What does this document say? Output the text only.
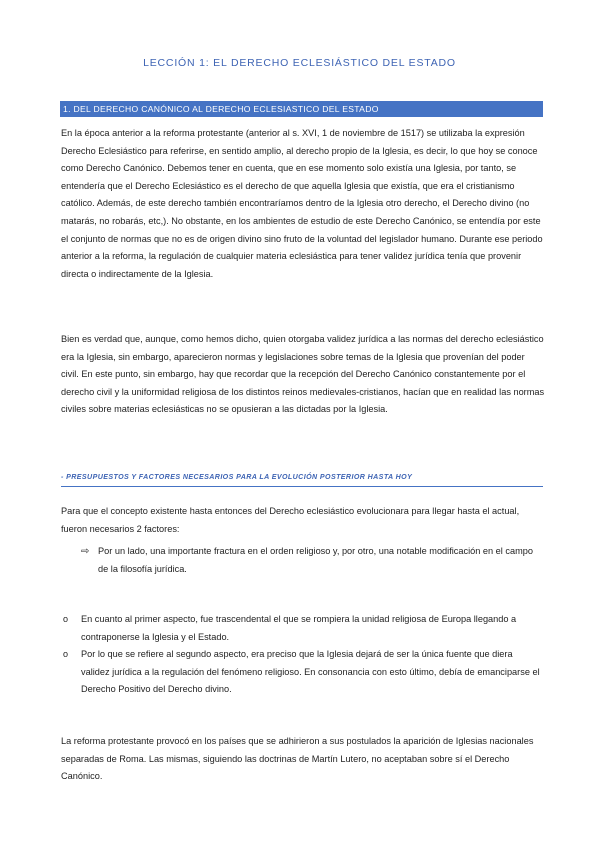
LECCIÓN 1: EL DERECHO ECLESIÁSTICO DEL ESTADO
1. DEL DERECHO CANÓNICO AL DERECHO ECLESIASTICO DEL ESTADO

En la época anterior a la reforma protestante (anterior al s. XVI, 1 de noviembre de 1517) se utilizaba la expresión Derecho Eclesiástico para referirse, en sentido amplio, al derecho propio de la Iglesia, es decir, lo que hoy se conoce como Derecho Canónico. Debemos tener en cuenta, que en ese momento solo existía una Iglesia, por tanto, se entendería que el Derecho Eclesiástico es el derecho de que aquella Iglesia que existía, que era el cristianismo católico. Además, de este derecho también encontraríamos dentro de la Iglesia otro derecho, el Derecho divino (no matarás, no robarás, etc,). No obstante, en los ambientes de estudio de este Derecho Canónico, se entendía por este el conjunto de normas que no es de origen divino sino fruto de la voluntad del legislador humano. Durante ese periodo anterior a la reforma, la regulación de cualquier materia eclesiástica para tener validez jurídica tenía que provenir directa o indirectamente de la Iglesia.

Bien es verdad que, aunque, como hemos dicho, quien otorgaba validez jurídica a las normas del derecho eclesiástico era la Iglesia, sin embargo, aparecieron normas y legislaciones sobre temas de la Iglesia que provenían del poder civil. En este punto, sin embargo, hay que recordar que la recepción del Derecho Canónico constantemente por el derecho civil y la uniformidad religiosa de los distintos reinos medievales-cristianos, hacían que en realidad las normas civiles sobre materias eclesiásticas no se opusieran a las dictadas por la Iglesia.

- PRESUPUESTOS Y FACTORES NECESARIOS PARA LA EVOLUCIÓN POSTERIOR HASTA HOY

Para que el concepto existente hasta entonces del Derecho eclesiástico evolucionara para llegar hasta el actual, fueron necesarios 2 factores:

⇨ Por un lado, una importante fractura en el orden religioso y, por otro, una notable modificación en el campo de la filosofía jurídica.
o En cuanto al primer aspecto, fue trascendental el que se rompiera la unidad religiosa de Europa llegando a contraponerse la Iglesia y el Estado.
o Por lo que se refiere al segundo aspecto, era preciso que la Iglesia dejará de ser la única fuente que diera validez jurídica a la regulación del fenómeno religioso. En consonancia con esto último, debía de emanciparse el Derecho Positivo del Derecho divino.

La reforma protestante provocó en los países que se adhirieron a sus postulados la aparición de Iglesias nacionales separadas de Roma. Las mismas, siguiendo las doctrinas de Martín Lutero, no aceptaban sobre sí el Derecho Canónico.
